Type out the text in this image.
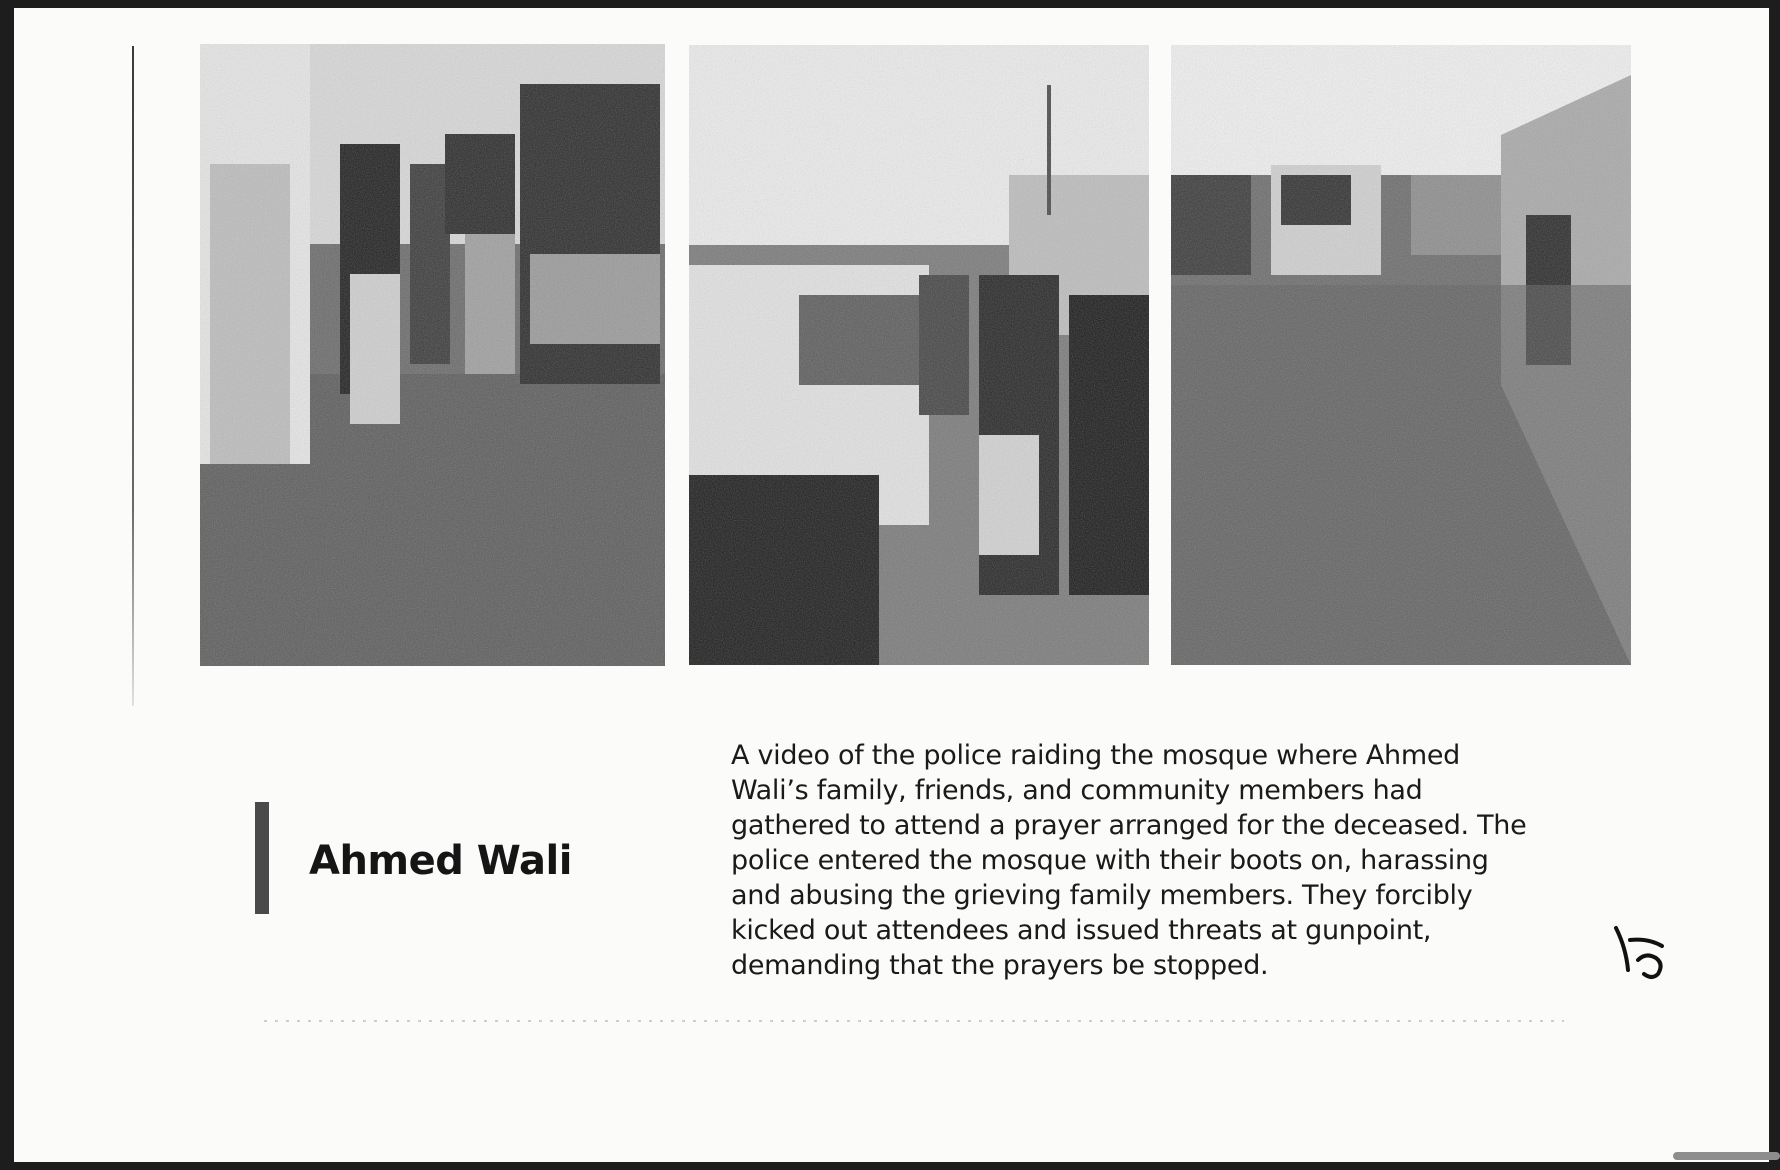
Ahmed Wali
A video of the police raiding the mosque where Ahmed
Wali’s family, friends, and community members had
gathered to attend a prayer arranged for the deceased. The
police entered the mosque with their boots on, harassing
and abusing the grieving family members. They forcibly
kicked out attendees and issued threats at gunpoint,
demanding that the prayers be stopped.
